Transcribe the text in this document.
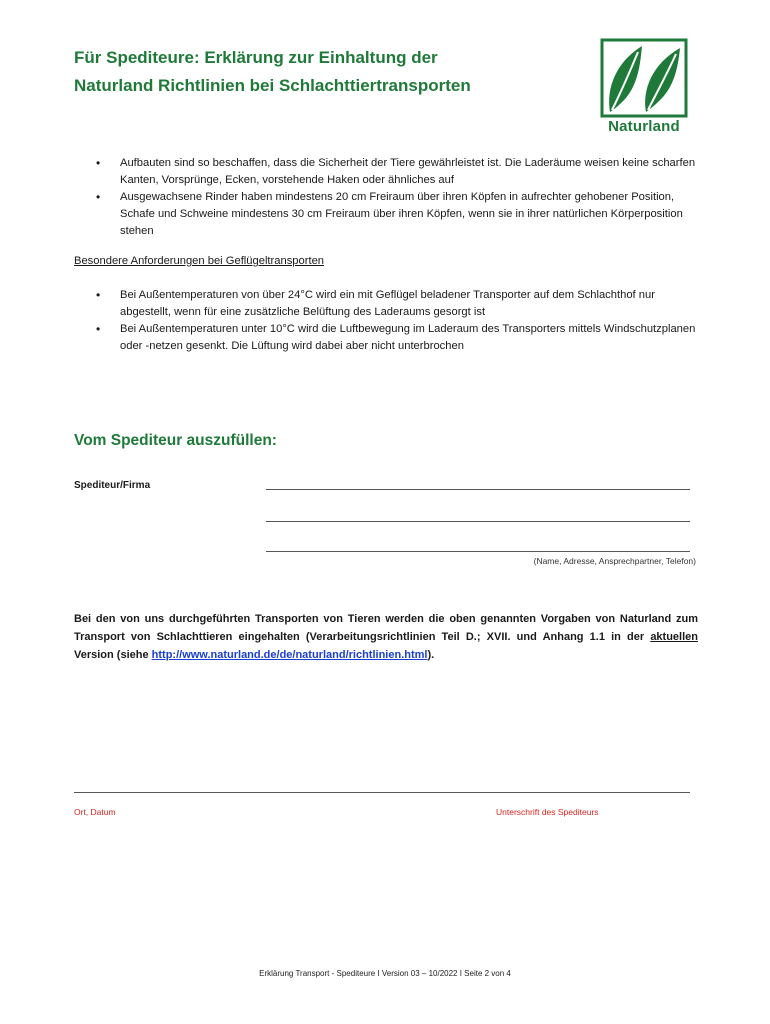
Für Spediteure: Erklärung zur Einhaltung der
Naturland Richtlinien bei Schlachttiertransporten
Naturland
• Aufbauten sind so beschaffen, dass die Sicherheit der Tiere gewährleistet ist. Die Laderäume weisen keine scharfen Kanten, Vorsprünge, Ecken, vorstehende Haken oder ähnliches auf
• Ausgewachsene Rinder haben mindestens 20 cm Freiraum über ihren Köpfen in aufrechter gehobener Position, Schafe und Schweine mindestens 30 cm Freiraum über ihren Köpfen, wenn sie in ihrer natürlichen Körperposition stehen

Besondere Anforderungen bei Geflügeltransporten

• Bei Außentemperaturen von über 24°C wird ein mit Geflügel beladener Transporter auf dem Schlachthof nur abgestellt, wenn für eine zusätzliche Belüftung des Laderaums gesorgt ist
• Bei Außentemperaturen unter 10°C wird die Luftbewegung im Laderaum des Transporters mittels Windschutzplanen oder -netzen gesenkt. Die Lüftung wird dabei aber nicht unterbrochen
Vom Spediteur auszufüllen:
Spediteur/Firma
(Name, Adresse, Ansprechpartner, Telefon)

Bei den von uns durchgeführten Transporten von Tieren werden die oben genannten Vorgaben von Naturland zum Transport von Schlachttieren eingehalten (Verarbeitungsrichtlinien Teil D.; XVII. und Anhang 1.1 in der aktuellen Version (siehe http://www.naturland.de/de/naturland/richtlinien.html).

Ort, Datum	Unterschrift des Spediteurs
Erklärung Transport - Spediteure I Version 03 – 10/2022 I Seite 2 von 4
